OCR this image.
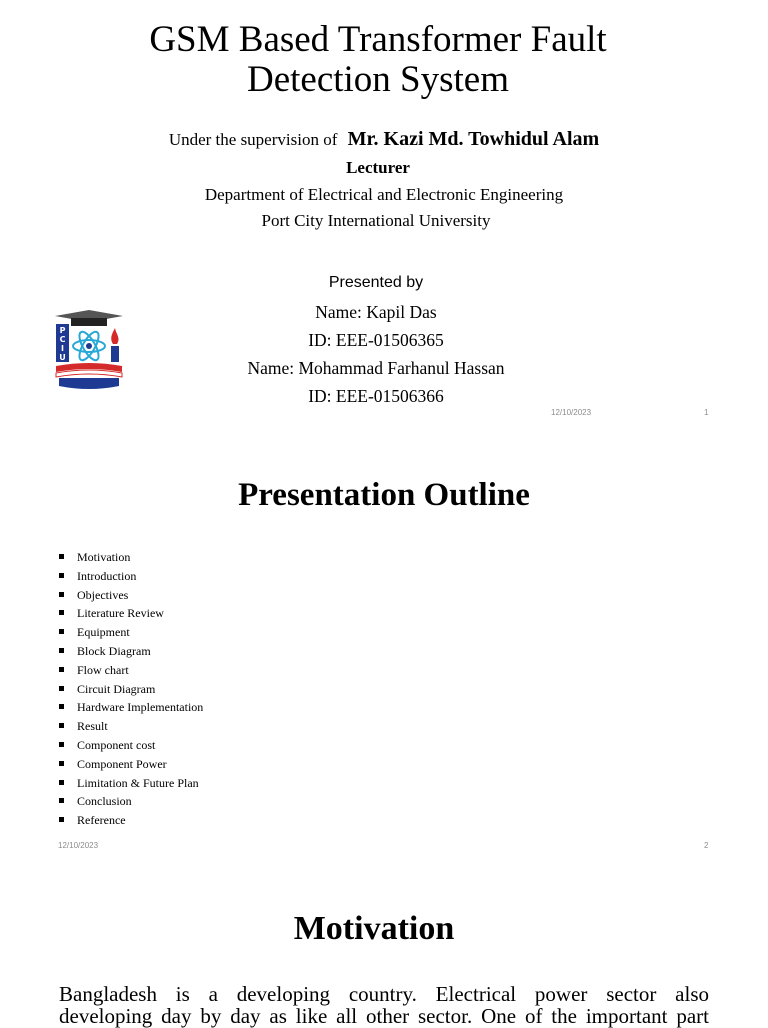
GSM Based Transformer Fault
Detection System
Under the supervision of Mr. Kazi Md. Towhidul Alam
Lecturer
Department of Electrical and Electronic Engineering
Port City International University
Presented by
Name: Kapil Das
ID: EEE-01506365
Name: Mohammad Farhanul Hassan
ID: EEE-01506366
P
C
I
U
12/10/2023	1
Presentation Outline
Motivation
Introduction
Objectives
Literature Review
Equipment
Block Diagram
Flow chart
Circuit Diagram
Hardware Implementation
Result
Component cost
Component Power
Limitation & Future Plan
Conclusion
Reference
12/10/2023	2
Motivation
Bangladesh is a developing country. Electrical power sector also
developing day by day as like all other sector. One of the important part
